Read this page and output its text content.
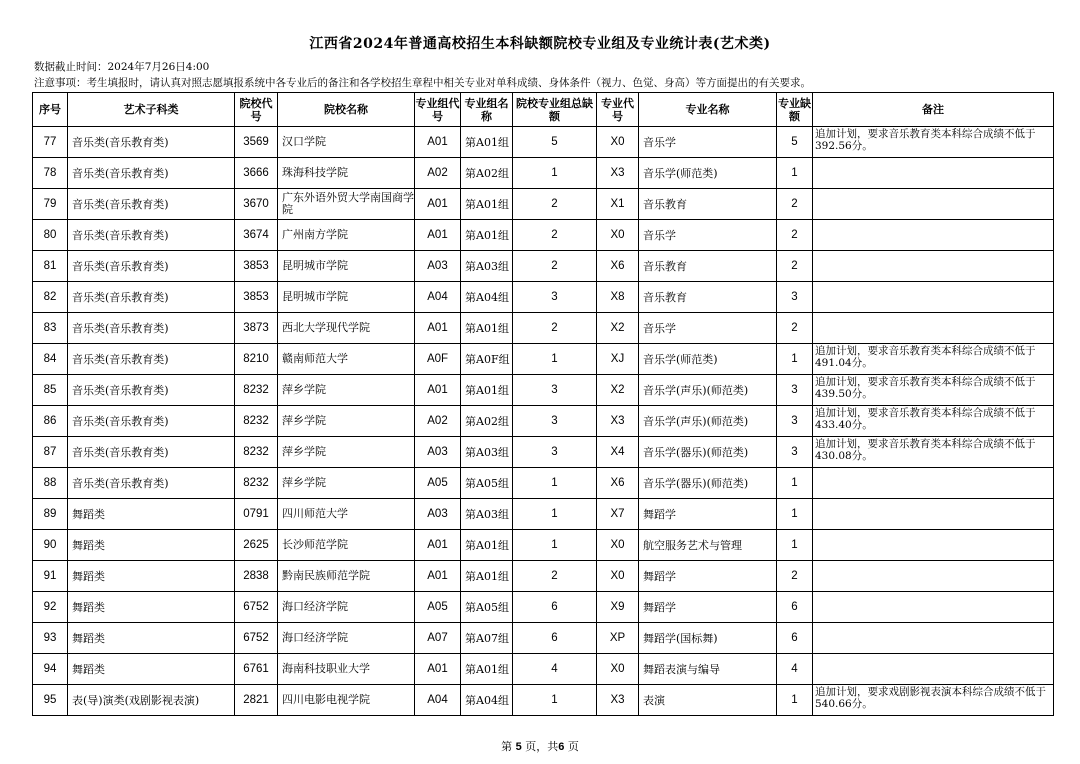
江西省2024年普通高校招生本科缺额院校专业组及专业统计表(艺术类)
数据截止时间：2024年7月26日4:00
注意事项：考生填报时，请认真对照志愿填报系统中各专业后的备注和各学校招生章程中相关专业对单科成绩、身体条件（视力、色觉、身高）等方面提出的有关要求。
序号	艺术子科类	院校代号	院校名称	专业组代号	专业组名称	院校专业组总缺额	专业代号	专业名称	专业缺额	备注
77	音乐类(音乐教育类)	3569	汉口学院	A01	第A01组	5	X0	音乐学	5	追加计划，要求音乐教育类本科综合成绩不低于392.56分。
78	音乐类(音乐教育类)	3666	珠海科技学院	A02	第A02组	1	X3	音乐学(师范类)	1	
79	音乐类(音乐教育类)	3670	广东外语外贸大学南国商学院	A01	第A01组	2	X1	音乐教育	2	
80	音乐类(音乐教育类)	3674	广州南方学院	A01	第A01组	2	X0	音乐学	2	
81	音乐类(音乐教育类)	3853	昆明城市学院	A03	第A03组	2	X6	音乐教育	2	
82	音乐类(音乐教育类)	3853	昆明城市学院	A04	第A04组	3	X8	音乐教育	3	
83	音乐类(音乐教育类)	3873	西北大学现代学院	A01	第A01组	2	X2	音乐学	2	
84	音乐类(音乐教育类)	8210	赣南师范大学	A0F	第A0F组	1	XJ	音乐学(师范类)	1	追加计划，要求音乐教育类本科综合成绩不低于491.04分。
85	音乐类(音乐教育类)	8232	萍乡学院	A01	第A01组	3	X2	音乐学(声乐)(师范类)	3	追加计划，要求音乐教育类本科综合成绩不低于439.50分。
86	音乐类(音乐教育类)	8232	萍乡学院	A02	第A02组	3	X3	音乐学(声乐)(师范类)	3	追加计划，要求音乐教育类本科综合成绩不低于433.40分。
87	音乐类(音乐教育类)	8232	萍乡学院	A03	第A03组	3	X4	音乐学(器乐)(师范类)	3	追加计划，要求音乐教育类本科综合成绩不低于430.08分。
88	音乐类(音乐教育类)	8232	萍乡学院	A05	第A05组	1	X6	音乐学(器乐)(师范类)	1	
89	舞蹈类	0791	四川师范大学	A03	第A03组	1	X7	舞蹈学	1	
90	舞蹈类	2625	长沙师范学院	A01	第A01组	1	X0	航空服务艺术与管理	1	
91	舞蹈类	2838	黔南民族师范学院	A01	第A01组	2	X0	舞蹈学	2	
92	舞蹈类	6752	海口经济学院	A05	第A05组	6	X9	舞蹈学	6	
93	舞蹈类	6752	海口经济学院	A07	第A07组	6	XP	舞蹈学(国标舞)	6	
94	舞蹈类	6761	海南科技职业大学	A01	第A01组	4	X0	舞蹈表演与编导	4	
95	表(导)演类(戏剧影视表演)	2821	四川电影电视学院	A04	第A04组	1	X3	表演	1	追加计划，要求戏剧影视表演本科综合成绩不低于540.66分。
第 5 页，共6 页
